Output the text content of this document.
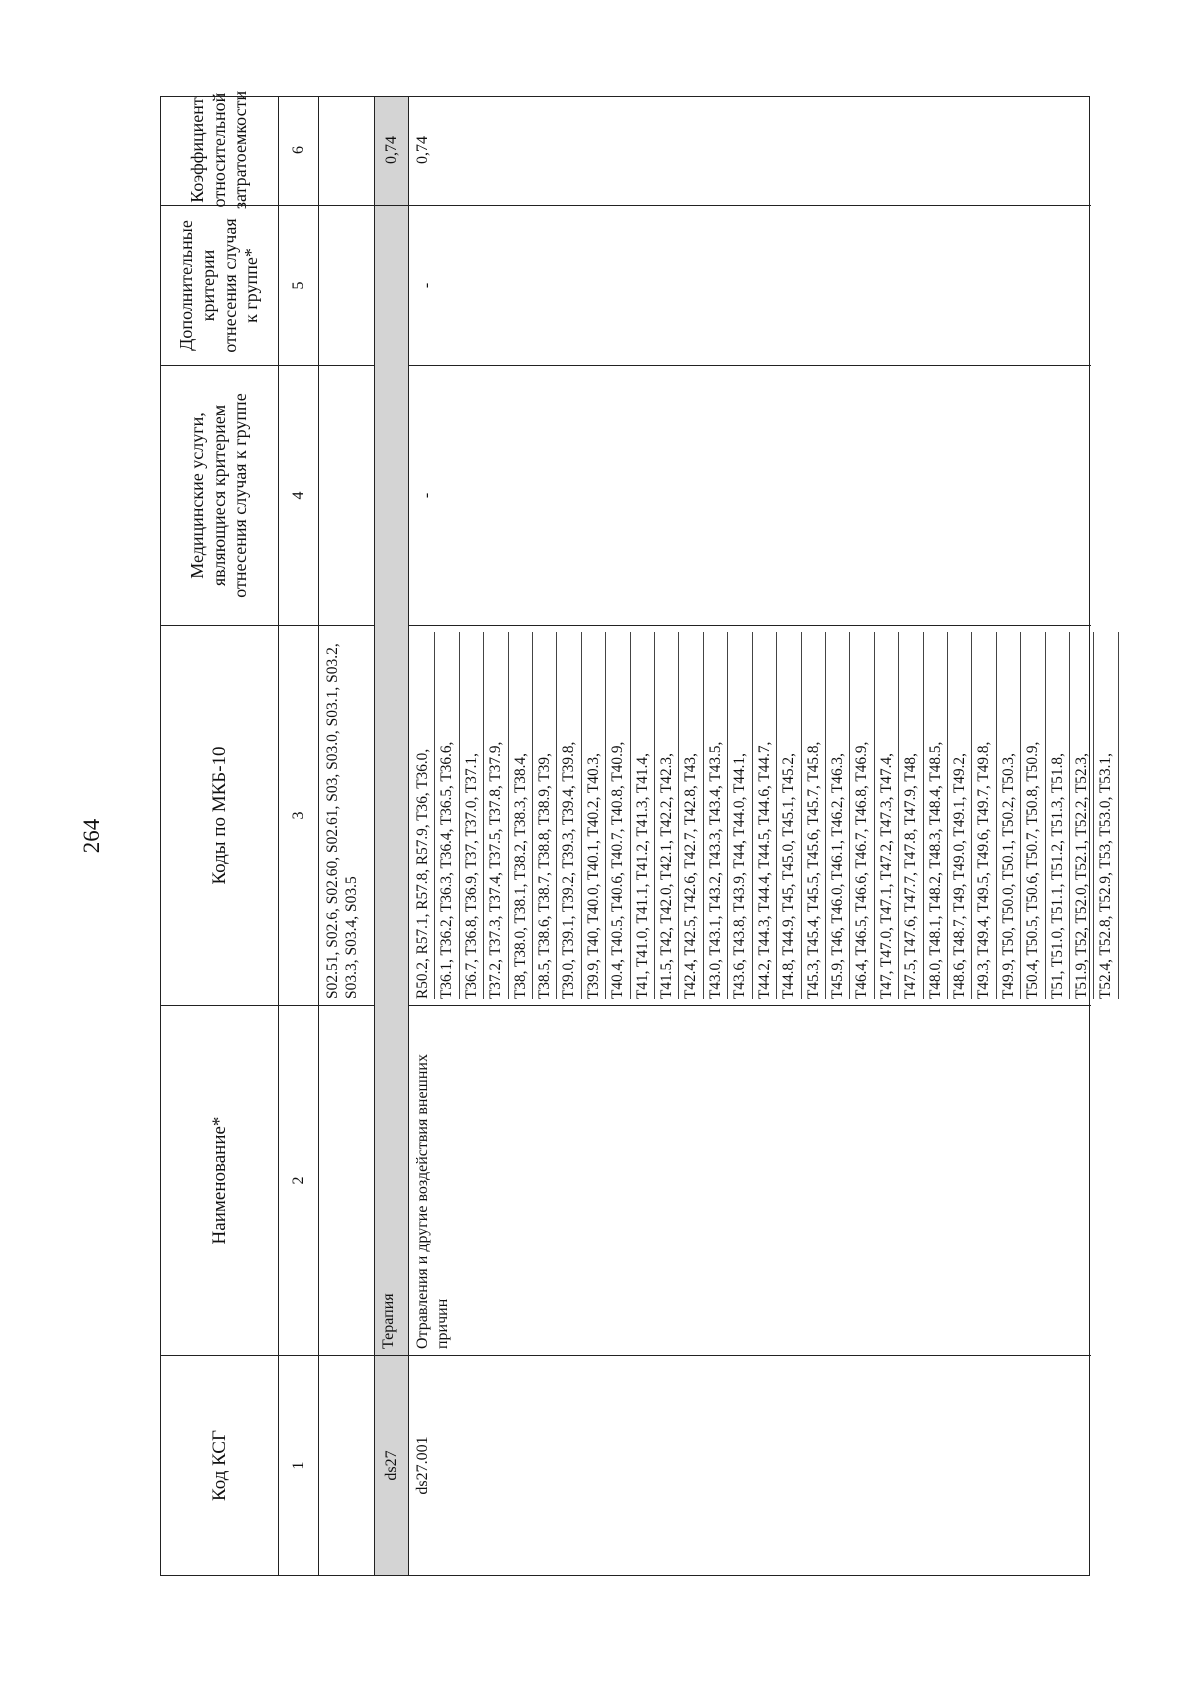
264
Код КСГ
Наименование*
Коды по МКБ-10
Медицинские услуги, являющиеся критерием отнесения случая к группе
Дополнительные критерии отнесения случая к группе*
Коэффициент относительной затратоемкости
1
2
3
4
5
6
S02.51, S02.6, S02.60, S02.61, S03, S03.0, S03.1, S03.2, S03.3, S03.4, S03.5
ds27
Терапия
0,74
ds27.001
Отравления и другие воздействия внешних причин
R50.2, R57.1, R57.8, R57.9, T36, T36.0, T36.1, T36.2, T36.3, T36.4, T36.5, T36.6, T36.7, T36.8, T36.9, T37, T37.0, T37.1, T37.2, T37.3, T37.4, T37.5, T37.8, T37.9, T38, T38.0, T38.1, T38.2, T38.3, T38.4, T38.5, T38.6, T38.7, T38.8, T38.9, T39, T39.0, T39.1, T39.2, T39.3, T39.4, T39.8, T39.9, T40, T40.0, T40.1, T40.2, T40.3, T40.4, T40.5, T40.6, T40.7, T40.8, T40.9, T41, T41.0, T41.1, T41.2, T41.3, T41.4, T41.5, T42, T42.0, T42.1, T42.2, T42.3, T42.4, T42.5, T42.6, T42.7, T42.8, T43, T43.0, T43.1, T43.2, T43.3, T43.4, T43.5, T43.6, T43.8, T43.9, T44, T44.0, T44.1, T44.2, T44.3, T44.4, T44.5, T44.6, T44.7, T44.8, T44.9, T45, T45.0, T45.1, T45.2, T45.3, T45.4, T45.5, T45.6, T45.7, T45.8, T45.9, T46, T46.0, T46.1, T46.2, T46.3, T46.4, T46.5, T46.6, T46.7, T46.8, T46.9, T47, T47.0, T47.1, T47.2, T47.3, T47.4, T47.5, T47.6, T47.7, T47.8, T47.9, T48, T48.0, T48.1, T48.2, T48.3, T48.4, T48.5, T48.6, T48.7, T49, T49.0, T49.1, T49.2, T49.3, T49.4, T49.5, T49.6, T49.7, T49.8, T49.9, T50, T50.0, T50.1, T50.2, T50.3, T50.4, T50.5, T50.6, T50.7, T50.8, T50.9, T51, T51.0, T51.1, T51.2, T51.3, T51.8, T51.9, T52, T52.0, T52.1, T52.2, T52.3, T52.4, T52.8, T52.9, T53, T53.0, T53.1,
-
-
0,74
